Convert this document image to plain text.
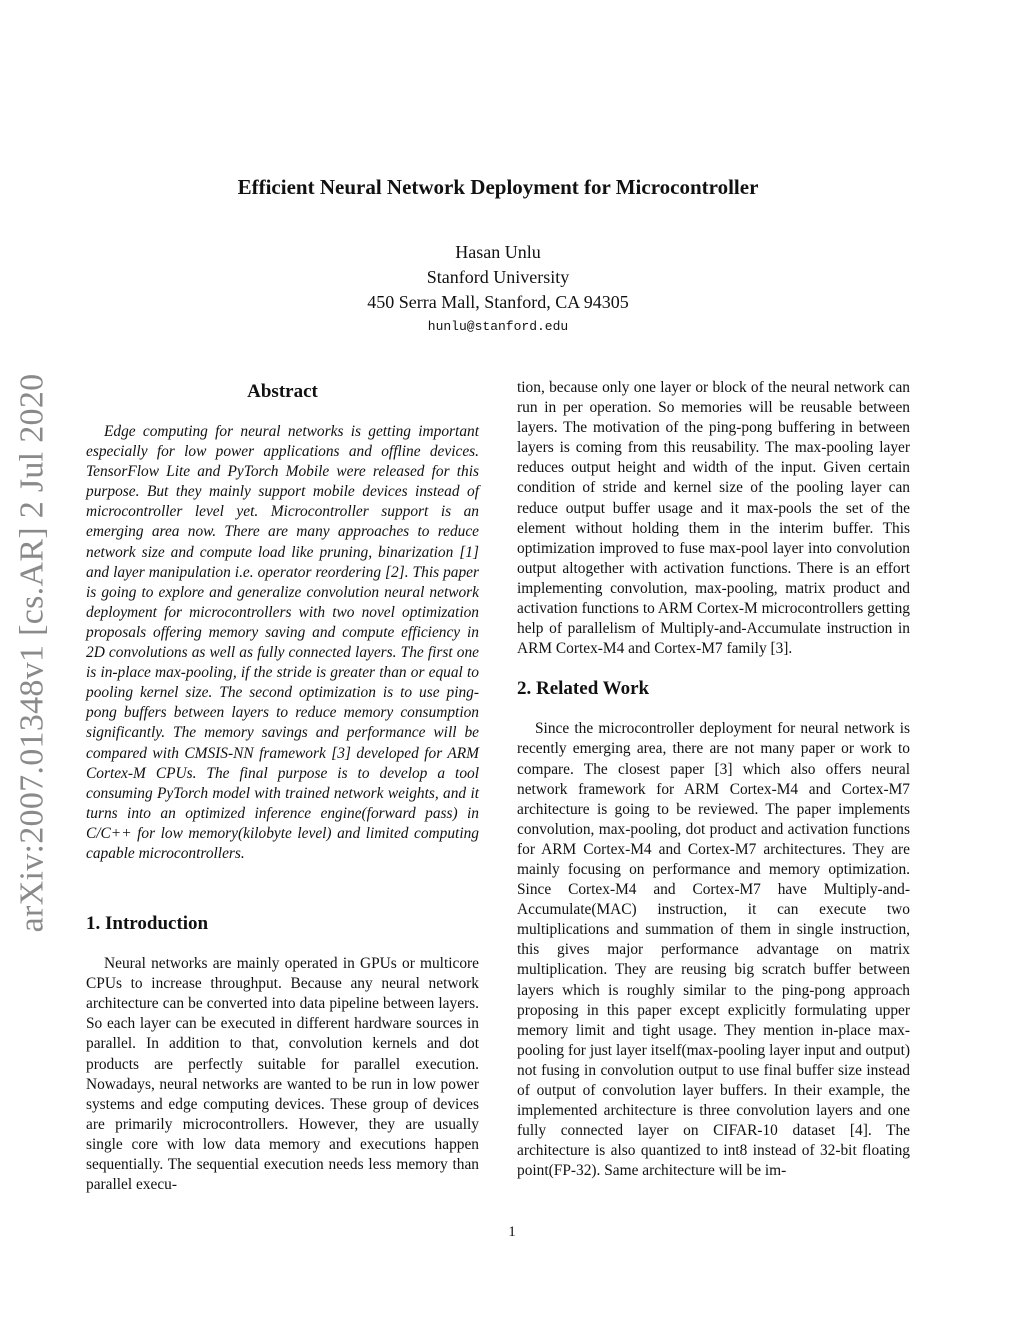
arXiv:2007.01348v1 [cs.AR] 2 Jul 2020
Efficient Neural Network Deployment for Microcontroller
Hasan Unlu
Stanford University
450 Serra Mall, Stanford, CA 94305
hunlu@stanford.edu
Abstract

Edge computing for neural networks is getting important especially for low power applications and offline devices. TensorFlow Lite and PyTorch Mobile were released for this purpose. But they mainly support mobile devices instead of microcontroller level yet. Microcontroller support is an emerging area now. There are many approaches to reduce network size and compute load like pruning, binarization [1] and layer manipulation i.e. operator reordering [2]. This paper is going to explore and generalize convolution neural network deployment for microcontrollers with two novel optimization proposals offering memory saving and compute efficiency in 2D convolutions as well as fully connected layers. The first one is in-place max-pooling, if the stride is greater than or equal to pooling kernel size. The second optimization is to use ping-pong buffers between layers to reduce memory consumption significantly. The memory savings and performance will be compared with CMSIS-NN framework [3] developed for ARM Cortex-M CPUs. The final purpose is to develop a tool consuming PyTorch model with trained network weights, and it turns into an optimized inference engine(forward pass) in C/C++ for low memory(kilobyte level) and limited computing capable microcontrollers.

1. Introduction

Neural networks are mainly operated in GPUs or multicore CPUs to increase throughput. Because any neural network architecture can be converted into data pipeline between layers. So each layer can be executed in different hardware sources in parallel. In addition to that, convolution kernels and dot products are perfectly suitable for parallel execution. Nowadays, neural networks are wanted to be run in low power systems and edge computing devices. These group of devices are primarily microcontrollers. However, they are usually single core with low data memory and executions happen sequentially. The sequential execution needs less memory than parallel execu-

tion, because only one layer or block of the neural network can run in per operation. So memories will be reusable between layers. The motivation of the ping-pong buffering in between layers is coming from this reusability. The max-pooling layer reduces output height and width of the input. Given certain condition of stride and kernel size of the pooling layer can reduce output buffer usage and it max-pools the set of the element without holding them in the interim buffer. This optimization improved to fuse max-pool layer into convolution output altogether with activation functions. There is an effort implementing convolution, max-pooling, matrix product and activation functions to ARM Cortex-M microcontrollers getting help of parallelism of Multiply-and-Accumulate instruction in ARM Cortex-M4 and Cortex-M7 family [3].

2. Related Work

Since the microcontroller deployment for neural network is recently emerging area, there are not many paper or work to compare. The closest paper [3] which also offers neural network framework for ARM Cortex-M4 and Cortex-M7 architecture is going to be reviewed. The paper implements convolution, max-pooling, dot product and activation functions for ARM Cortex-M4 and Cortex-M7 architectures. They are mainly focusing on performance and memory optimization. Since Cortex-M4 and Cortex-M7 have Multiply-and-Accumulate(MAC) instruction, it can execute two multiplications and summation of them in single instruction, this gives major performance advantage on matrix multiplication. They are reusing big scratch buffer between layers which is roughly similar to the ping-pong approach proposing in this paper except explicitly formulating upper memory limit and tight usage. They mention in-place max-pooling for just layer itself(max-pooling layer input and output) not fusing in convolution output to use final buffer size instead of output of convolution layer buffers. In their example, the implemented architecture is three convolution layers and one fully connected layer on CIFAR-10 dataset [4]. The architecture is also quantized to int8 instead of 32-bit floating point(FP-32). Same architecture will be im-

1
